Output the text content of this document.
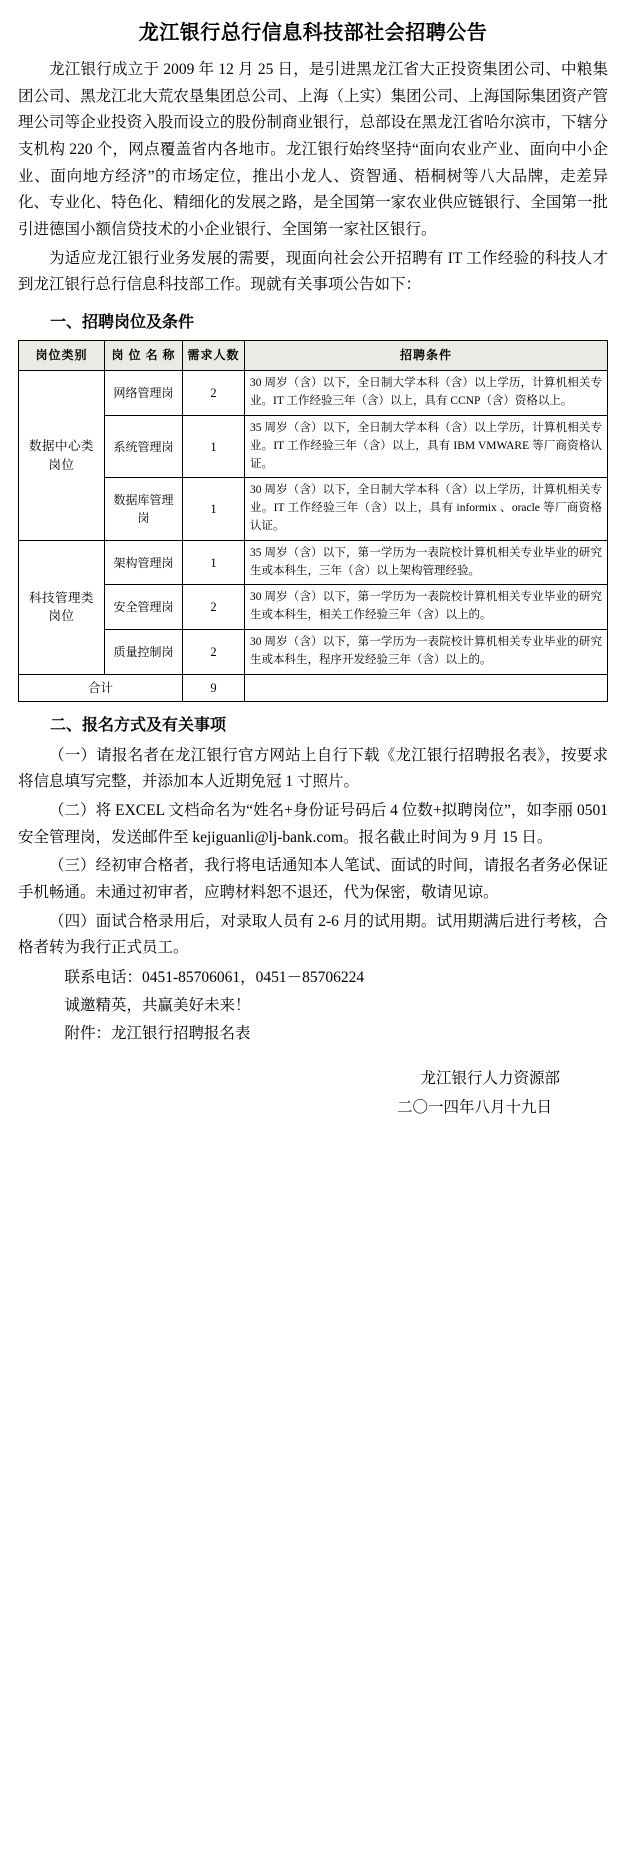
龙江银行总行信息科技部社会招聘公告

龙江银行成立于 2009 年 12 月 25 日，是引进黑龙江省大正投资集团公司、中粮集团公司、黑龙江北大荒农垦集团总公司、上海（上实）集团公司、上海国际集团资产管理公司等企业投资入股而设立的股份制商业银行，总部设在黑龙江省哈尔滨市，下辖分支机构 220 个，网点覆盖省内各地市。龙江银行始终坚持“面向农业产业、面向中小企业、面向地方经济”的市场定位，推出小龙人、资智通、梧桐树等八大品牌，走差异化、专业化、特色化、精细化的发展之路，是全国第一家农业供应链银行、全国第一批引进德国小额信贷技术的小企业银行、全国第一家社区银行。

为适应龙江银行业务发展的需要，现面向社会公开招聘有 IT 工作经验的科技人才到龙江银行总行信息科技部工作。现就有关事项公告如下：

一、招聘岗位及条件
岗位类别	岗 位 名 称	需求人数	招聘条件
数据中心类岗位	网络管理岗	2	30 周岁（含）以下，全日制大学本科（含）以上学历，计算机相关专业。IT 工作经验三年（含）以上，具有 CCNP（含）资格以上。
	系统管理岗	1	35 周岁（含）以下，全日制大学本科（含）以上学历，计算机相关专业。IT 工作经验三年（含）以上，具有 IBM VMWARE 等厂商资格认证。
	数据库管理岗	1	30 周岁（含）以下，全日制大学本科（含）以上学历，计算机相关专业。IT 工作经验三年（含）以上，具有 informix 、oracle 等厂商资格认证。
科技管理类岗位	架构管理岗	1	35 周岁（含）以下，第一学历为一表院校计算机相关专业毕业的研究生或本科生，三年（含）以上架构管理经验。
	安全管理岗	2	30 周岁（含）以下，第一学历为一表院校计算机相关专业毕业的研究生或本科生，相关工作经验三年（含）以上的。
	质量控制岗	2	30 周岁（含）以下，第一学历为一表院校计算机相关专业毕业的研究生或本科生，程序开发经验三年（含）以上的。
合计		9	
二、报名方式及有关事项

（一）请报名者在龙江银行官方网站上自行下载《龙江银行招聘报名表》，按要求将信息填写完整，并添加本人近期免冠 1 寸照片。

（二）将 EXCEL 文档命名为“姓名+身份证号码后 4 位数+拟聘岗位”，如李丽 0501 安全管理岗，发送邮件至 kejiguanli@lj-bank.com。报名截止时间为 9 月 15 日。

（三）经初审合格者，我行将电话通知本人笔试、面试的时间，请报名者务必保证手机畅通。未通过初审者，应聘材料恕不退还，代为保密，敬请见谅。

（四）面试合格录用后，对录取人员有 2-6 月的试用期。试用期满后进行考核，合格者转为我行正式员工。

联系电话：0451-85706061，0451－85706224

诚邀精英，共赢美好未来！

附件：龙江银行招聘报名表

龙江银行人力资源部
二〇一四年八月十九日
